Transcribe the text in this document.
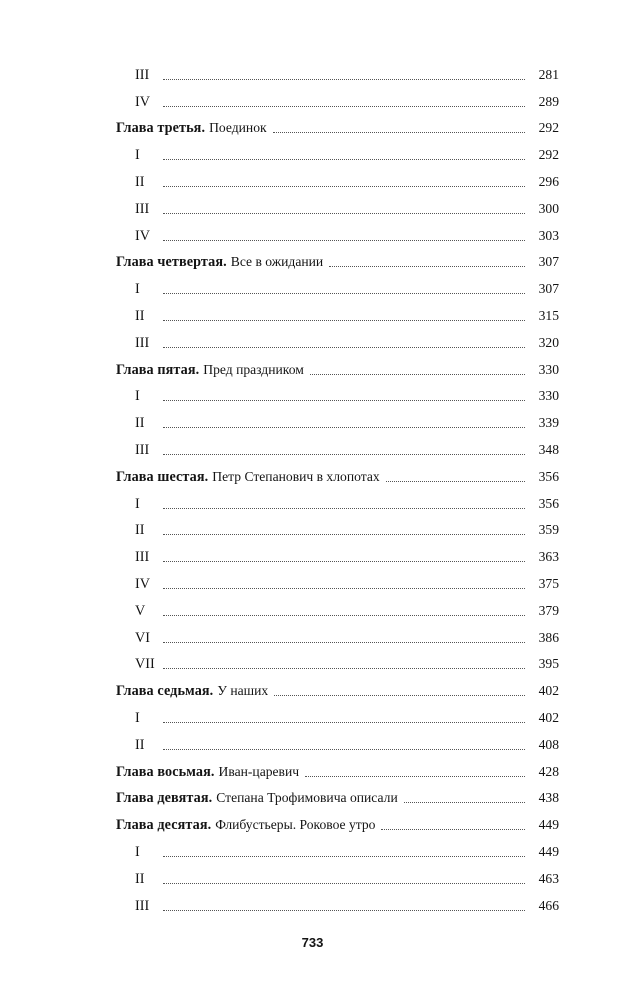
III	281
IV	289
Глава третья. Поединок	292
I	292
II	296
III	300
IV	303
Глава четвертая. Все в ожидании	307
I	307
II	315
III	320
Глава пятая. Пред праздником	330
I	330
II	339
III	348
Глава шестая. Петр Степанович в хлопотах	356
I	356
II	359
III	363
IV	375
V	379
VI	386
VII	395
Глава седьмая. У наших	402
I	402
II	408
Глава восьмая. Иван-царевич	428
Глава девятая. Степана Трофимовича описали	438
Глава десятая. Флибустьеры. Роковое утро	449
I	449
II	463
III	466
733
